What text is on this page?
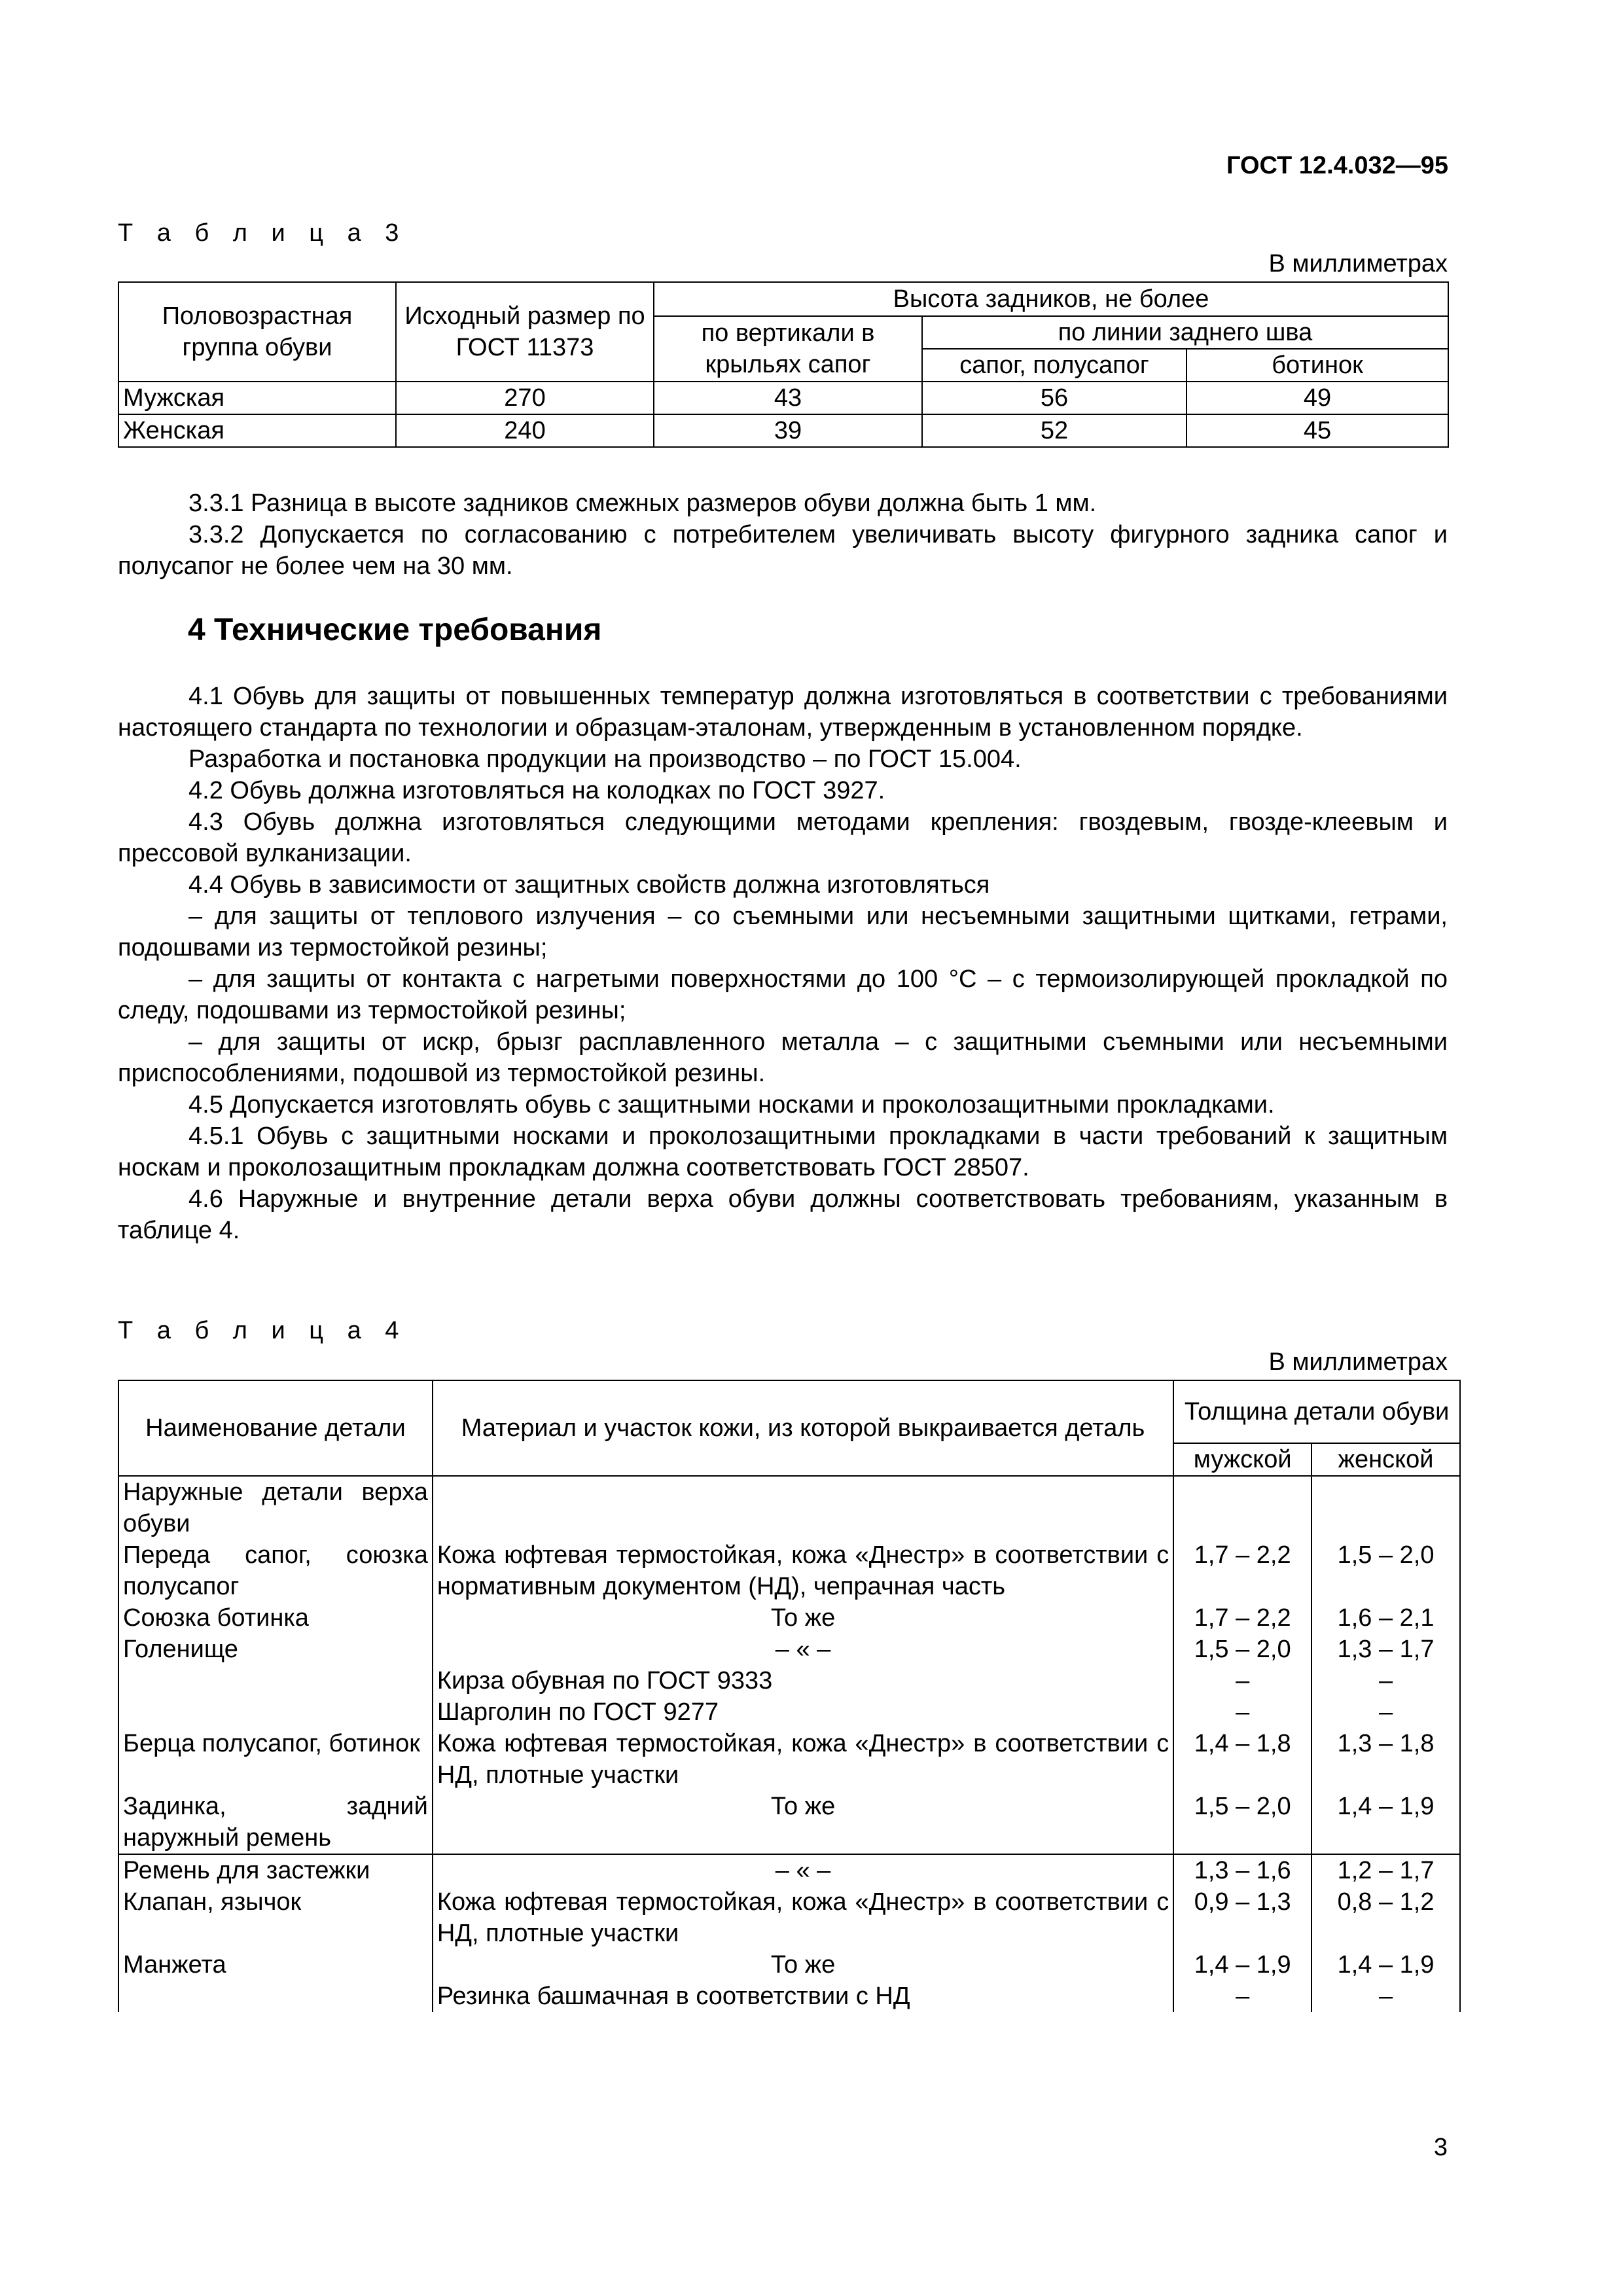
ГОСТ 12.4.032—95
Т а б л и ц а 3
В миллиметрах
Половозрастная группа обуви	Исходный размер по ГОСТ 11373	Высота задников, не более		
		по вертикали в крыльях сапог	по линии заднего шва	
			сапог, полусапог	ботинок
Мужская	270	43	56	49
Женская	240	39	52	45

3.3.1 Разница в высоте задников смежных размеров обуви должна быть 1 мм.

3.3.2 Допускается по согласованию с потребителем увеличивать высоту фигурного задника сапог и полусапог не более чем на 30 мм.

4 Технические требования

4.1 Обувь для защиты от повышенных температур должна изготовляться в соответствии с требованиями настоящего стандарта по технологии и образцам-эталонам, утвержденным в установленном порядке.

Разработка и постановка продукции на производство – по ГОСТ 15.004.

4.2 Обувь должна изготовляться на колодках по ГОСТ 3927.

4.3 Обувь должна изготовляться следующими методами крепления: гвоздевым, гвозде-клеевым и прессовой вулканизации.

4.4 Обувь в зависимости от защитных свойств должна изготовляться

– для защиты от теплового излучения – со съемными или несъемными защитными щитками, гетрами, подошвами из термостойкой резины;

– для защиты от контакта с нагретыми поверхностями до 100 °С – с термоизолирующей прокладкой по следу, подошвами из термостойкой резины;

– для защиты от искр, брызг расплавленного металла – с защитными съемными или несъемными приспособлениями, подошвой из термостойкой резины.

4.5 Допускается изготовлять обувь с защитными носками и проколозащитными прокладками.

4.5.1 Обувь с защитными носками и проколозащитными прокладками в части требований к защитным носкам и проколозащитным прокладкам должна соответствовать ГОСТ 28507.

4.6 Наружные и внутренние детали верха обуви должны соответствовать требованиям, указанным в таблице 4.

Т а б л и ц а 4
В миллиметрах
Наименование детали	Материал и участок кожи, из которой выкраивается деталь	Толщина детали обуви	
		мужской	женской
Наружные детали верха обуви			
Переда сапог, союзка полусапог	Кожа юфтевая термостойкая, кожа «Днестр» в соответствии с нормативным документом (НД), чепрачная часть	1,7 – 2,2	1,5 – 2,0
Союзка ботинка	То же	1,7 – 2,2	1,6 – 2,1
Голенище	– « –	1,5 – 2,0	1,3 – 1,7
	Кирза обувная по ГОСТ 9333	–	–
	Шарголин по ГОСТ 9277	–	–
Берца полусапог, ботинок	Кожа юфтевая термостойкая, кожа «Днестр» в соответствии с НД, плотные участки	1,4 – 1,8	1,3 – 1,8
Задинка, задний наружный ремень	То же	1,5 – 2,0	1,4 – 1,9
Ремень для застежки	– « –	1,3 – 1,6	1,2 – 1,7
Клапан, язычок	Кожа юфтевая термостойкая, кожа «Днестр» в соответствии с НД, плотные участки	0,9 – 1,3	0,8 – 1,2
Манжета	То же	1,4 – 1,9	1,4 – 1,9
	Резинка башмачная в соответствии с НД	–	–
3
